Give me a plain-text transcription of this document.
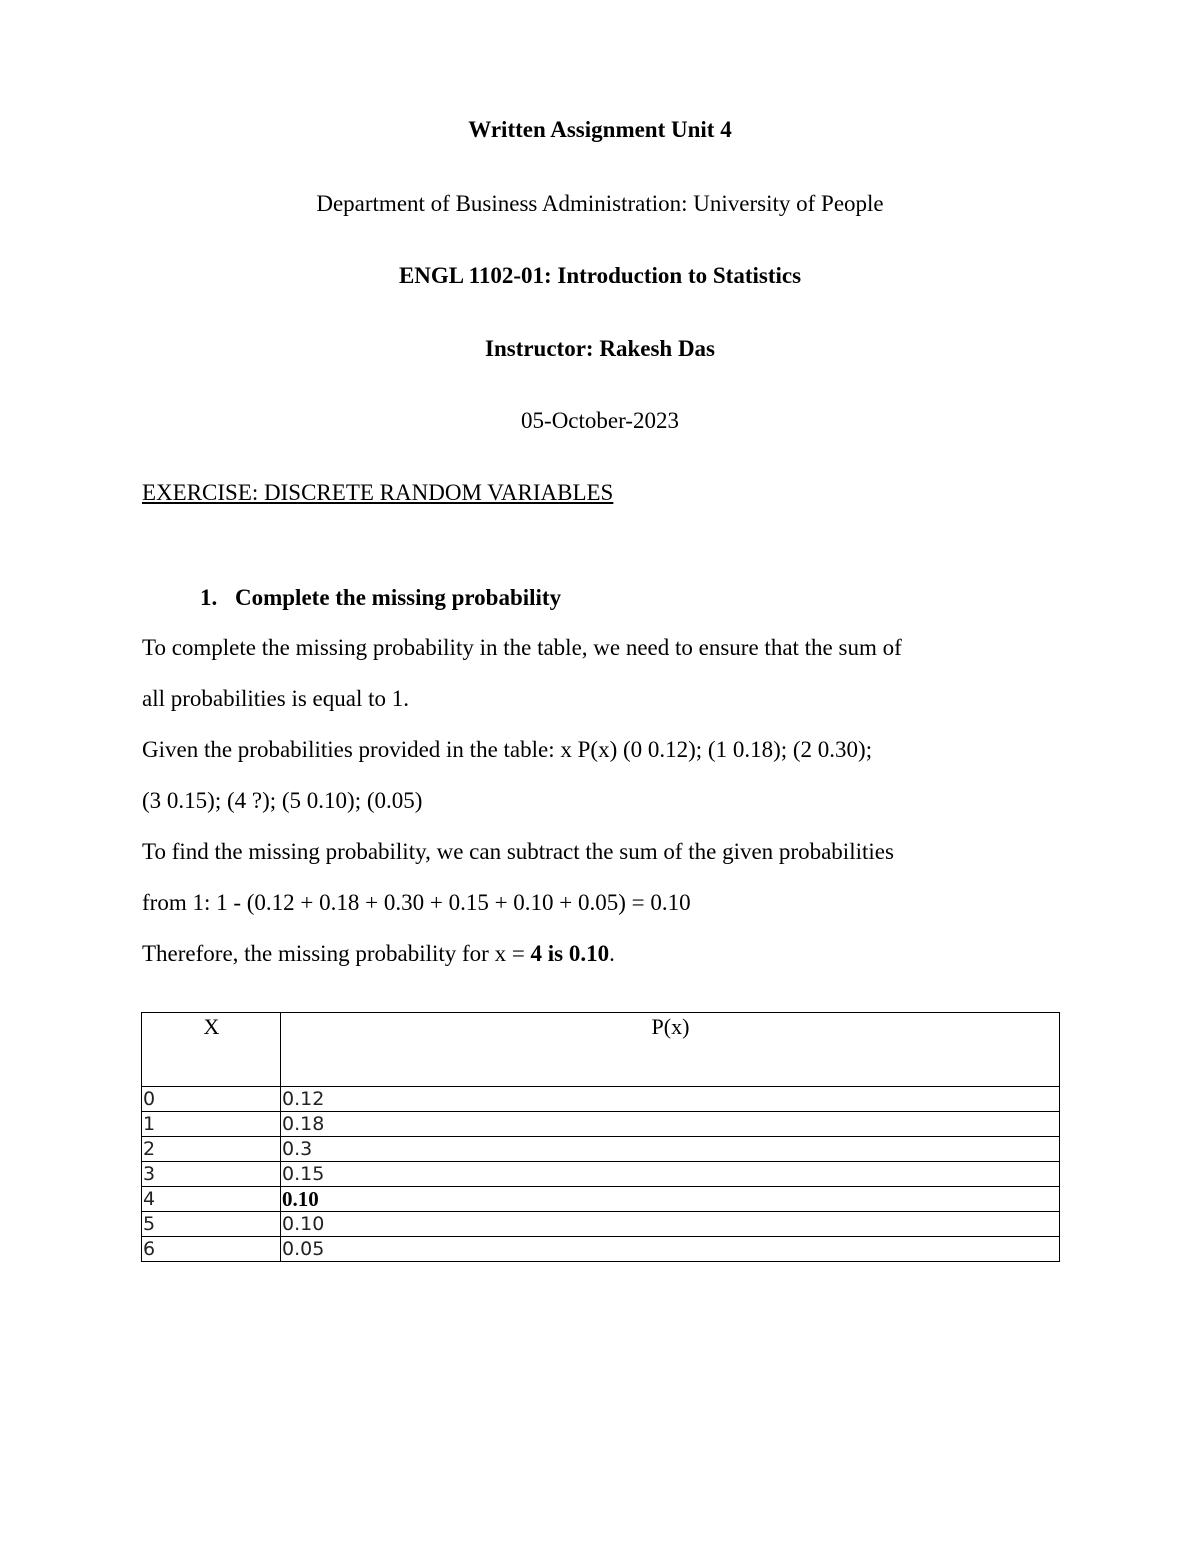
Written Assignment Unit 4
Department of Business Administration: University of People
ENGL 1102-01: Introduction to Statistics
Instructor: Rakesh Das
05-October-2023
EXERCISE: DISCRETE RANDOM VARIABLES
1. Complete the missing probability
To complete the missing probability in the table, we need to ensure that the sum of
all probabilities is equal to 1.
Given the probabilities provided in the table: x P(x) (0 0.12); (1 0.18); (2 0.30);
(3 0.15); (4 ?); (5 0.10); (0.05)
To find the missing probability, we can subtract the sum of the given probabilities
from 1: 1 - (0.12 + 0.18 + 0.30 + 0.15 + 0.10 + 0.05) = 0.10
Therefore, the missing probability for x = 4 is 0.10.
X	P(x)
0	0.12
1	0.18
2	0.3
3	0.15
4	0.10
5	0.10
6	0.05
